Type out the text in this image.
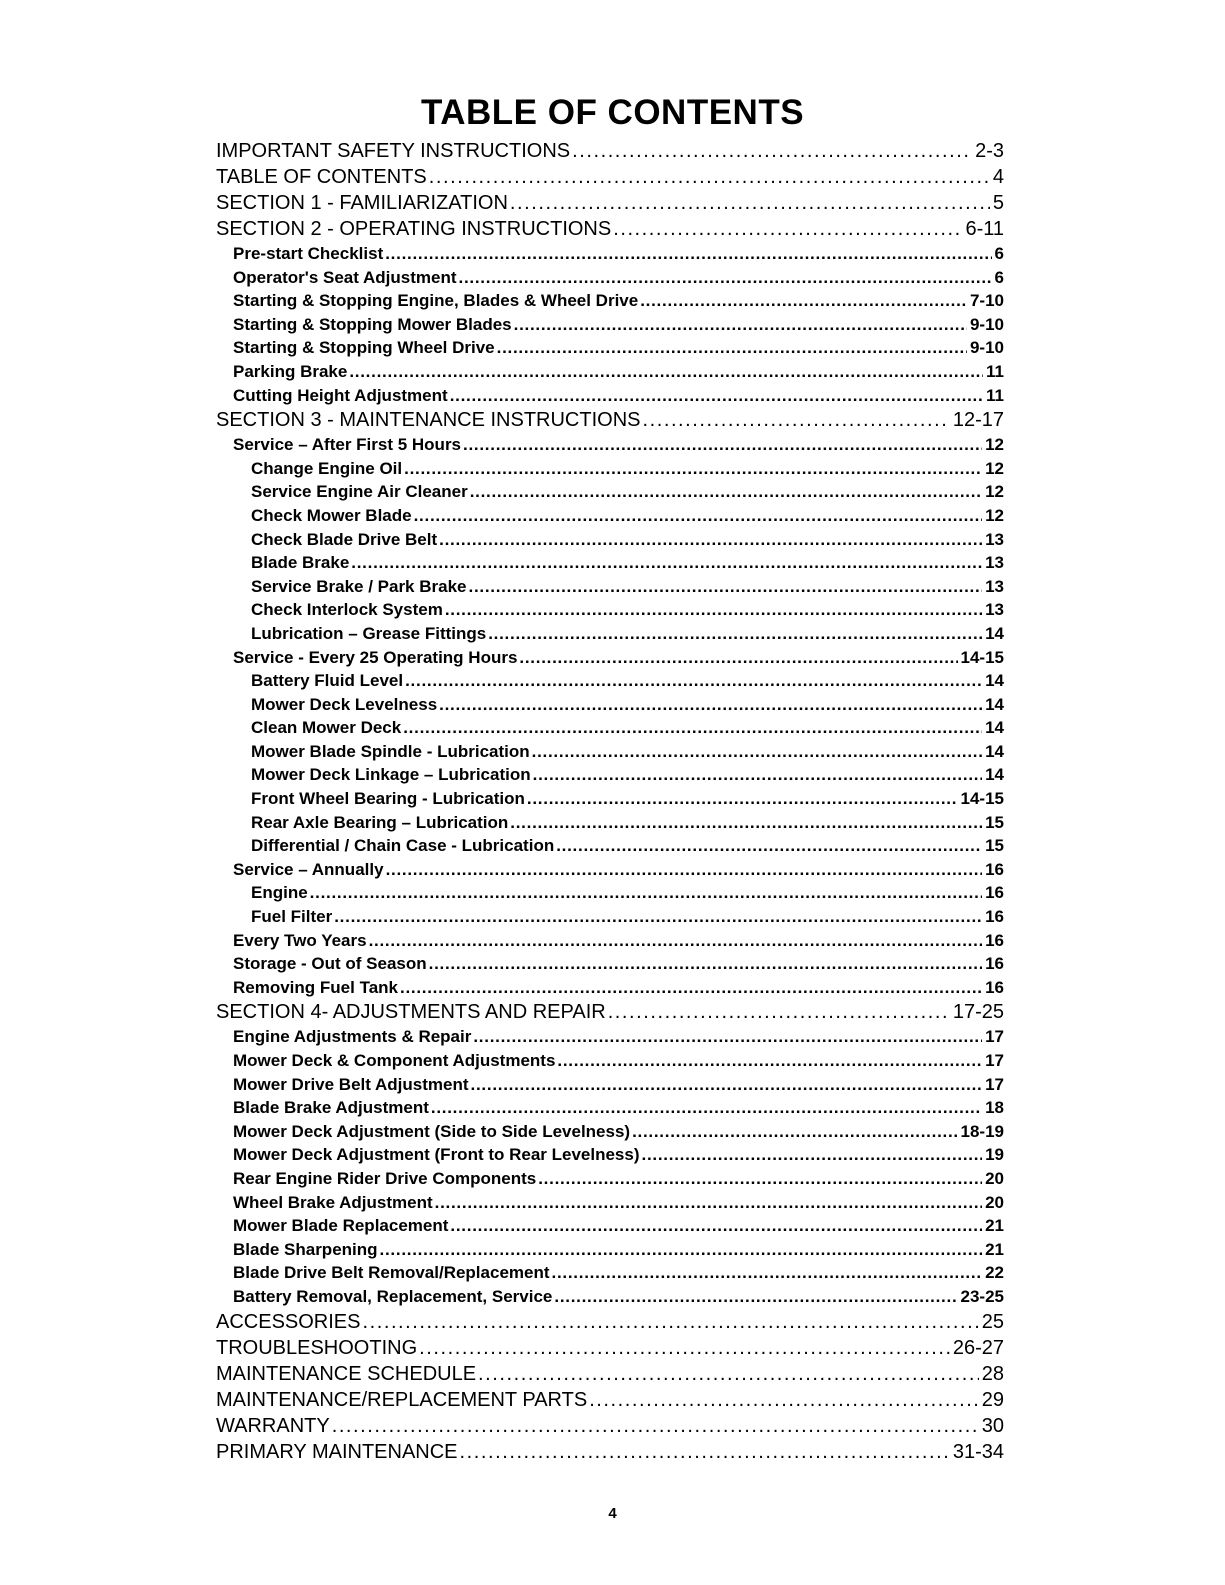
TABLE OF CONTENTS
IMPORTANT SAFETY INSTRUCTIONS . . .	2-3
TABLE OF CONTENTS . . .	4
SECTION 1 - FAMILIARIZATION . . .	5
SECTION 2 - OPERATING INSTRUCTIONS . . .	6-11
Pre-start Checklist . . .	6
Operator's Seat Adjustment . . .	6
Starting & Stopping Engine, Blades & Wheel Drive . . .	7-10
Starting & Stopping Mower Blades . . .	9-10
Starting & Stopping Wheel Drive . . .	9-10
Parking Brake . . .	11
Cutting Height Adjustment . . .	11
SECTION 3 - MAINTENANCE INSTRUCTIONS . . .	12-17
Service – After First 5 Hours . . .	12
Change Engine Oil . . .	12
Service Engine Air Cleaner . . .	12
Check Mower Blade . . .	12
Check Blade Drive Belt . . .	13
Blade Brake . . .	13
Service Brake / Park Brake . . .	13
Check Interlock System . . .	13
Lubrication – Grease Fittings . . .	14
Service - Every 25 Operating Hours . . .	14-15
Battery Fluid Level . . .	14
Mower Deck Levelness . . .	14
Clean Mower Deck . . .	14
Mower Blade Spindle - Lubrication . . .	14
Mower Deck Linkage – Lubrication . . .	14
Front Wheel Bearing - Lubrication . . .	14-15
Rear Axle Bearing – Lubrication . . .	15
Differential / Chain Case - Lubrication . . .	15
Service – Annually . . .	16
Engine . . .	16
Fuel Filter . . .	16
Every Two Years . . .	16
Storage - Out of Season . . .	16
Removing Fuel Tank . . .	16
SECTION 4- ADJUSTMENTS AND REPAIR . . .	17-25
Engine Adjustments & Repair . . .	17
Mower Deck & Component Adjustments . . .	17
Mower Drive Belt Adjustment . . .	17
Blade Brake Adjustment . . .	18
Mower Deck Adjustment (Side to Side Levelness) . . .	18-19
Mower Deck Adjustment (Front to Rear Levelness) . . .	19
Rear Engine Rider Drive Components . . .	20
Wheel Brake Adjustment . . .	20
Mower Blade Replacement . . .	21
Blade Sharpening . . .	21
Blade Drive Belt Removal/Replacement . . .	22
Battery Removal, Replacement, Service . . .	23-25
ACCESSORIES . . .	25
TROUBLESHOOTING . . .	26-27
MAINTENANCE SCHEDULE . . .	28
MAINTENANCE/REPLACEMENT PARTS . . .	29
WARRANTY . . .	30
PRIMARY MAINTENANCE . . .	31-34
4
